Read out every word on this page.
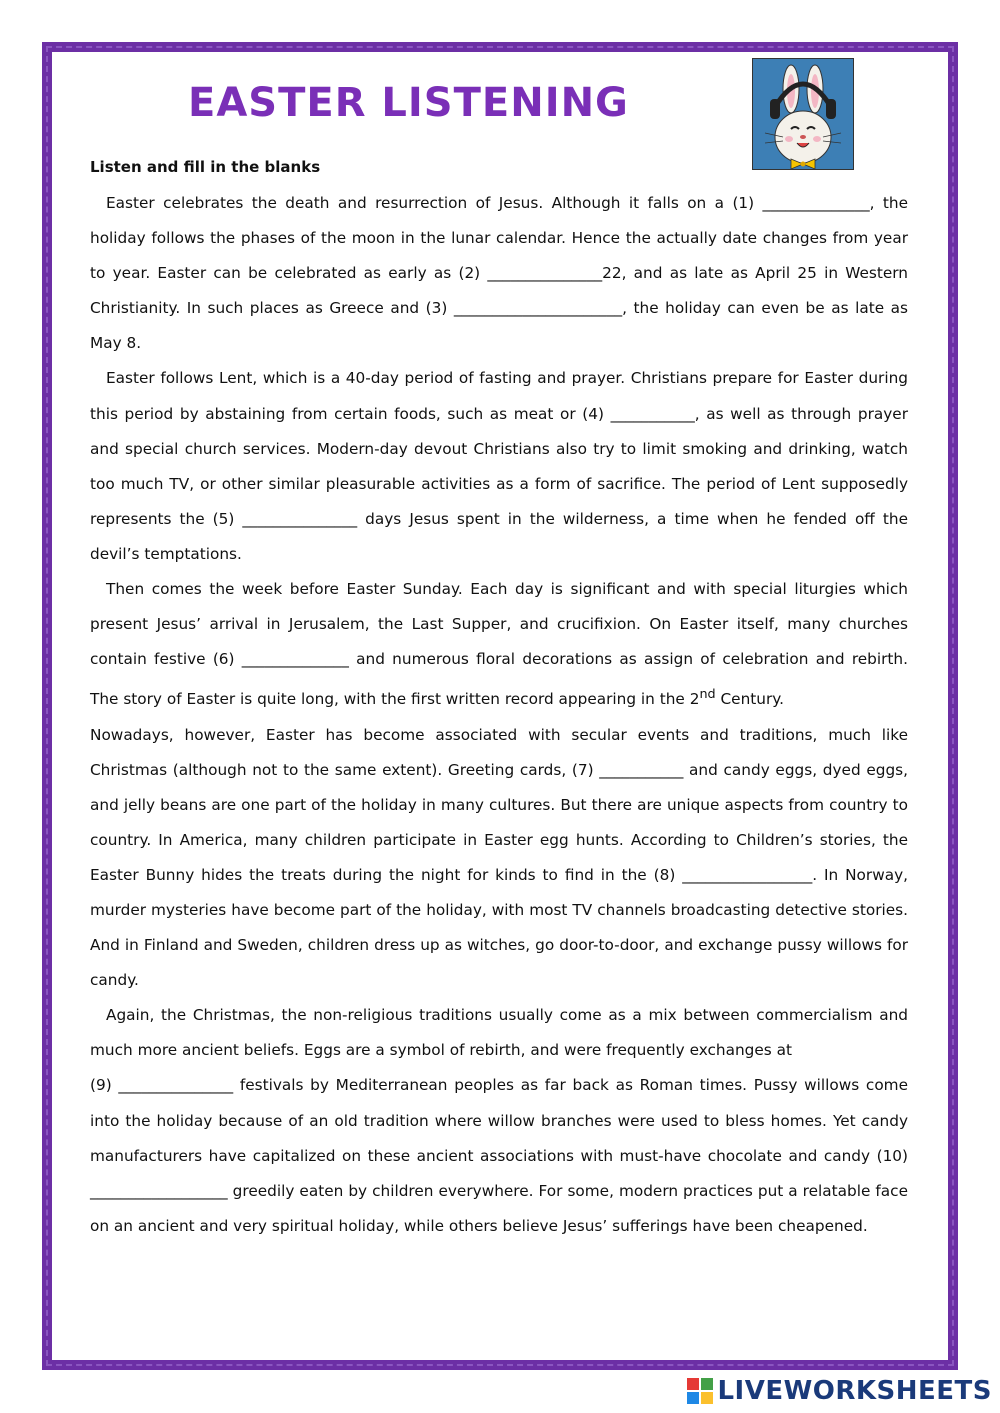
EASTER LISTENING

Listen and fill in the blanks

Easter celebrates the death and resurrection of Jesus. Although it falls on a (1) ______________, the holiday follows the phases of the moon in the lunar calendar. Hence the actually date changes from year to year. Easter can be celebrated as early as (2) _______________22, and as late as April 25 in Western Christianity. In such places as Greece and (3) ______________________, the holiday can even be as late as May 8.

Easter follows Lent, which is a 40-day period of fasting and prayer. Christians prepare for Easter during this period by abstaining from certain foods, such as meat or (4) ___________, as well as through prayer and special church services. Modern-day devout Christians also try to limit smoking and drinking, watch too much TV, or other similar pleasurable activities as a form of sacrifice. The period of Lent supposedly represents the (5) _______________ days Jesus spent in the wilderness, a time when he fended off the devil’s temptations.

Then comes the week before Easter Sunday. Each day is significant and with special liturgies which present Jesus’ arrival in Jerusalem, the Last Supper, and crucifixion. On Easter itself, many churches contain festive (6) ______________ and numerous floral decorations as assign of celebration and rebirth. The story of Easter is quite long, with the first written record appearing in the 2nd Century.

Nowadays, however, Easter has become associated with secular events and traditions, much like Christmas (although not to the same extent). Greeting cards, (7) ___________ and candy eggs, dyed eggs, and jelly beans are one part of the holiday in many cultures. But there are unique aspects from country to country. In America, many children participate in Easter egg hunts. According to Children’s stories, the Easter Bunny hides the treats during the night for kinds to find in the (8) _________________. In Norway, murder mysteries have become part of the holiday, with most TV channels broadcasting detective stories. And in Finland and Sweden, children dress up as witches, go door-to-door, and exchange pussy willows for candy.

Again, the Christmas, the non-religious traditions usually come as a mix between commercialism and much more ancient beliefs. Eggs are a symbol of rebirth, and were frequently exchanges at
(9) _______________ festivals by Mediterranean peoples as far back as Roman times. Pussy willows come into the holiday because of an old tradition where willow branches were used to bless homes. Yet candy manufacturers have capitalized on these ancient associations with must-have chocolate and candy (10) __________________ greedily eaten by children everywhere. For some, modern practices put a relatable face on an ancient and very spiritual holiday, while others believe Jesus’ sufferings have been cheapened.

LIVEWORKSHEETS
